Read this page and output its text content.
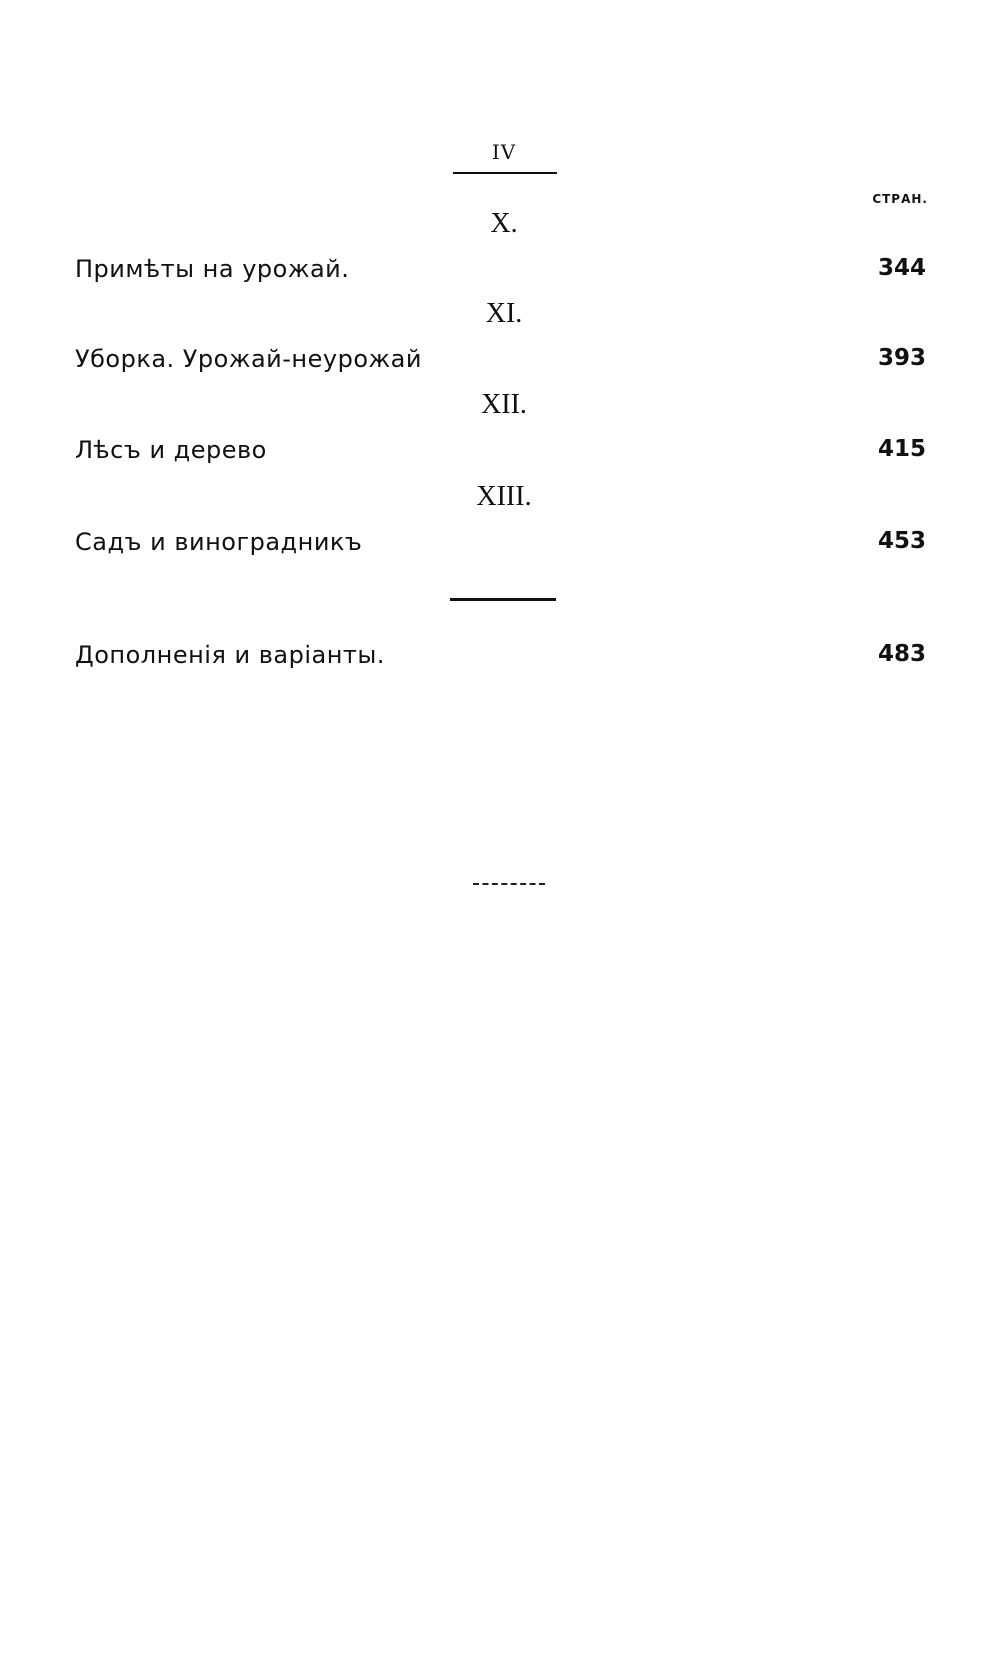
IV
СТРАН.
X.
Примѣты на урожай.	344
XI.
Уборка. Урожай-неурожай	393
XII.
Лѣсъ и дерево	415
XIII.
Садъ и виноградникъ	453
Дополненія и варіанты.	483
